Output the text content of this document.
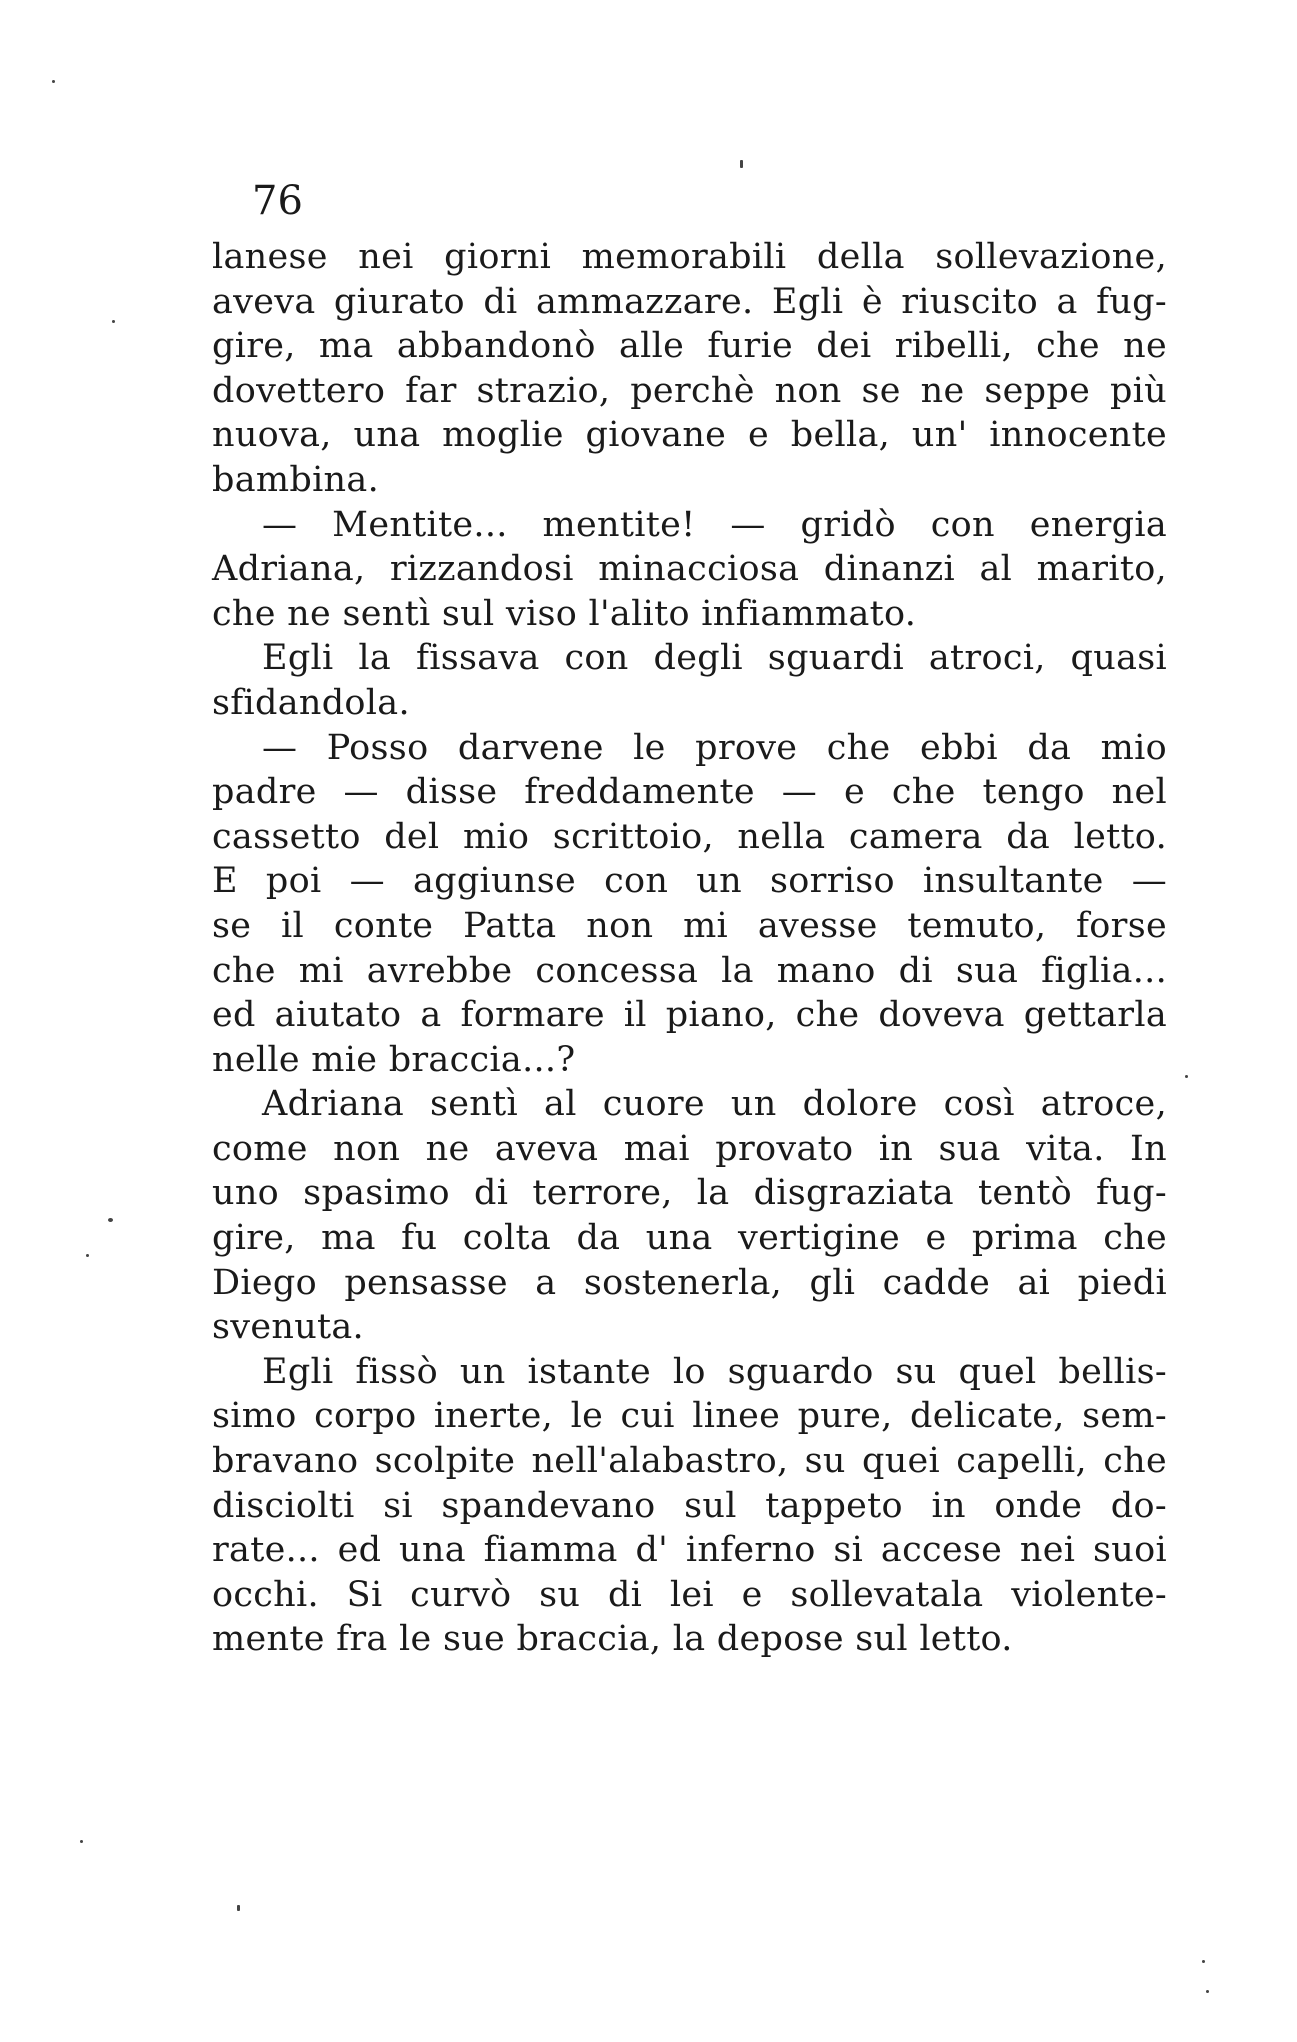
76
lanese nei giorni memorabili della sollevazione,
aveva giurato di ammazzare. Egli è riuscito a fug-
gire, ma abbandonò alle furie dei ribelli, che ne
dovettero far strazio, perchè non se ne seppe più
nuova, una moglie giovane e bella, un' innocente
bambina.
— Mentite... mentite! — gridò con energia
Adriana, rizzandosi minacciosa dinanzi al marito,
che ne sentì sul viso l'alito infiammato.
Egli la fissava con degli sguardi atroci, quasi
sfidandola.
— Posso darvene le prove che ebbi da mio
padre — disse freddamente — e che tengo nel
cassetto del mio scrittoio, nella camera da letto.
E poi — aggiunse con un sorriso insultante —
se il conte Patta non mi avesse temuto, forse
che mi avrebbe concessa la mano di sua figlia...
ed aiutato a formare il piano, che doveva gettarla
nelle mie braccia...?
Adriana sentì al cuore un dolore così atroce,
come non ne aveva mai provato in sua vita. In
uno spasimo di terrore, la disgraziata tentò fug-
gire, ma fu colta da una vertigine e prima che
Diego pensasse a sostenerla, gli cadde ai piedi
svenuta.
Egli fissò un istante lo sguardo su quel bellis-
simo corpo inerte, le cui linee pure, delicate, sem-
bravano scolpite nell'alabastro, su quei capelli, che
disciolti si spandevano sul tappeto in onde do-
rate... ed una fiamma d' inferno si accese nei suoi
occhi. Si curvò su di lei e sollevatala violente-
mente fra le sue braccia, la depose sul letto.
